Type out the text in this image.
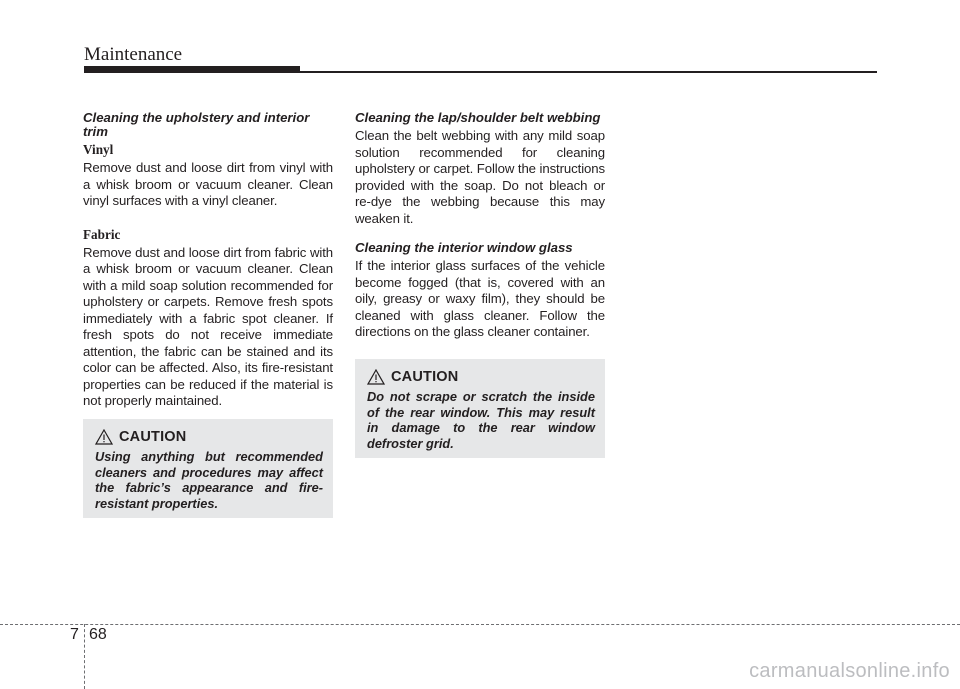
Maintenance

Cleaning the upholstery and interior trim

Vinyl

Remove dust and loose dirt from vinyl with a whisk broom or vacuum cleaner. Clean vinyl surfaces with a vinyl cleaner.

Fabric

Remove dust and loose dirt from fabric with a whisk broom or vacuum cleaner. Clean with a mild soap solution recommended for upholstery or carpets. Remove fresh spots immediately with a fabric spot cleaner. If fresh spots do not receive immediate attention, the fabric can be stained and its color can be affected. Also, its fire-resistant properties can be reduced if the material is not properly maintained.

CAUTION

Using anything but recommended cleaners and procedures may affect the fabric’s appearance and fire-resistant properties.

Cleaning the lap/shoulder belt webbing

Clean the belt webbing with any mild soap solution recommended for cleaning upholstery or carpet. Follow the instructions provided with the soap. Do not bleach or re-dye the webbing because this may weaken it.

Cleaning the interior window glass

If the interior glass surfaces of the vehicle become fogged (that is, covered with an oily, greasy or waxy film), they should be cleaned with glass cleaner. Follow the directions on the glass cleaner container.

CAUTION

Do not scrape or scratch the inside of the rear window. This may result in damage to the rear window defroster grid.

7 68
carmanualsonline.info
